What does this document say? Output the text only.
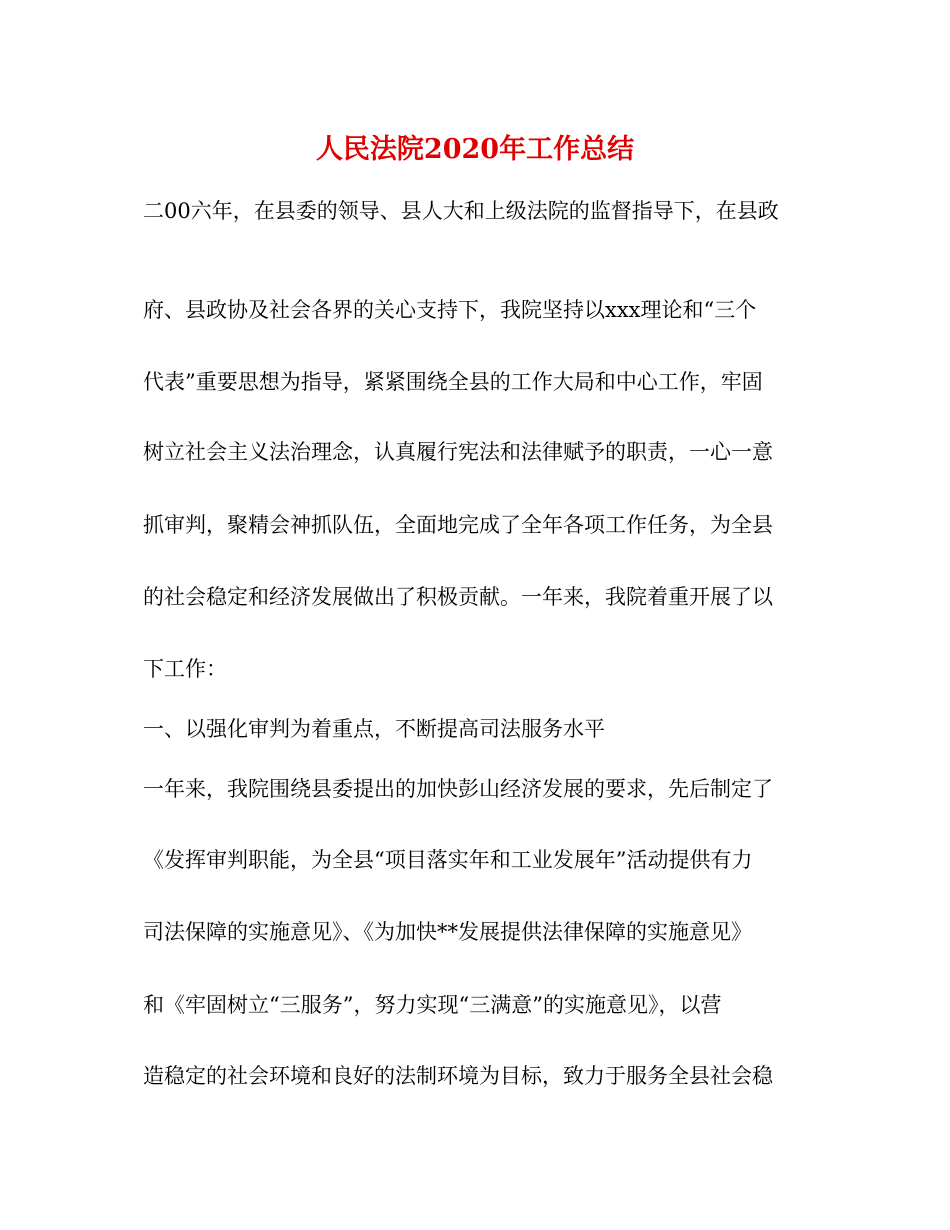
人民法院2020年工作总结

二00六年，在县委的领导、县人大和上级法院的监督指导下，在县政

府、县政协及社会各界的关心支持下，我院坚持以xxx理论和“三个

代表”重要思想为指导，紧紧围绕全县的工作大局和中心工作，牢固

树立社会主义法治理念，认真履行宪法和法律赋予的职责，一心一意

抓审判，聚精会神抓队伍，全面地完成了全年各项工作任务，为全县

的社会稳定和经济发展做出了积极贡献。一年来，我院着重开展了以

下工作：

一、以强化审判为着重点，不断提高司法服务水平

一年来，我院围绕县委提出的加快彭山经济发展的要求，先后制定了

《发挥审判职能，为全县“项目落实年和工业发展年”活动提供有力

司法保障的实施意见》、《为加快**发展提供法律保障的实施意见》

和《牢固树立“三服务”，努力实现“三满意”的实施意见》，以营

造稳定的社会环境和良好的法制环境为目标，致力于服务全县社会稳
